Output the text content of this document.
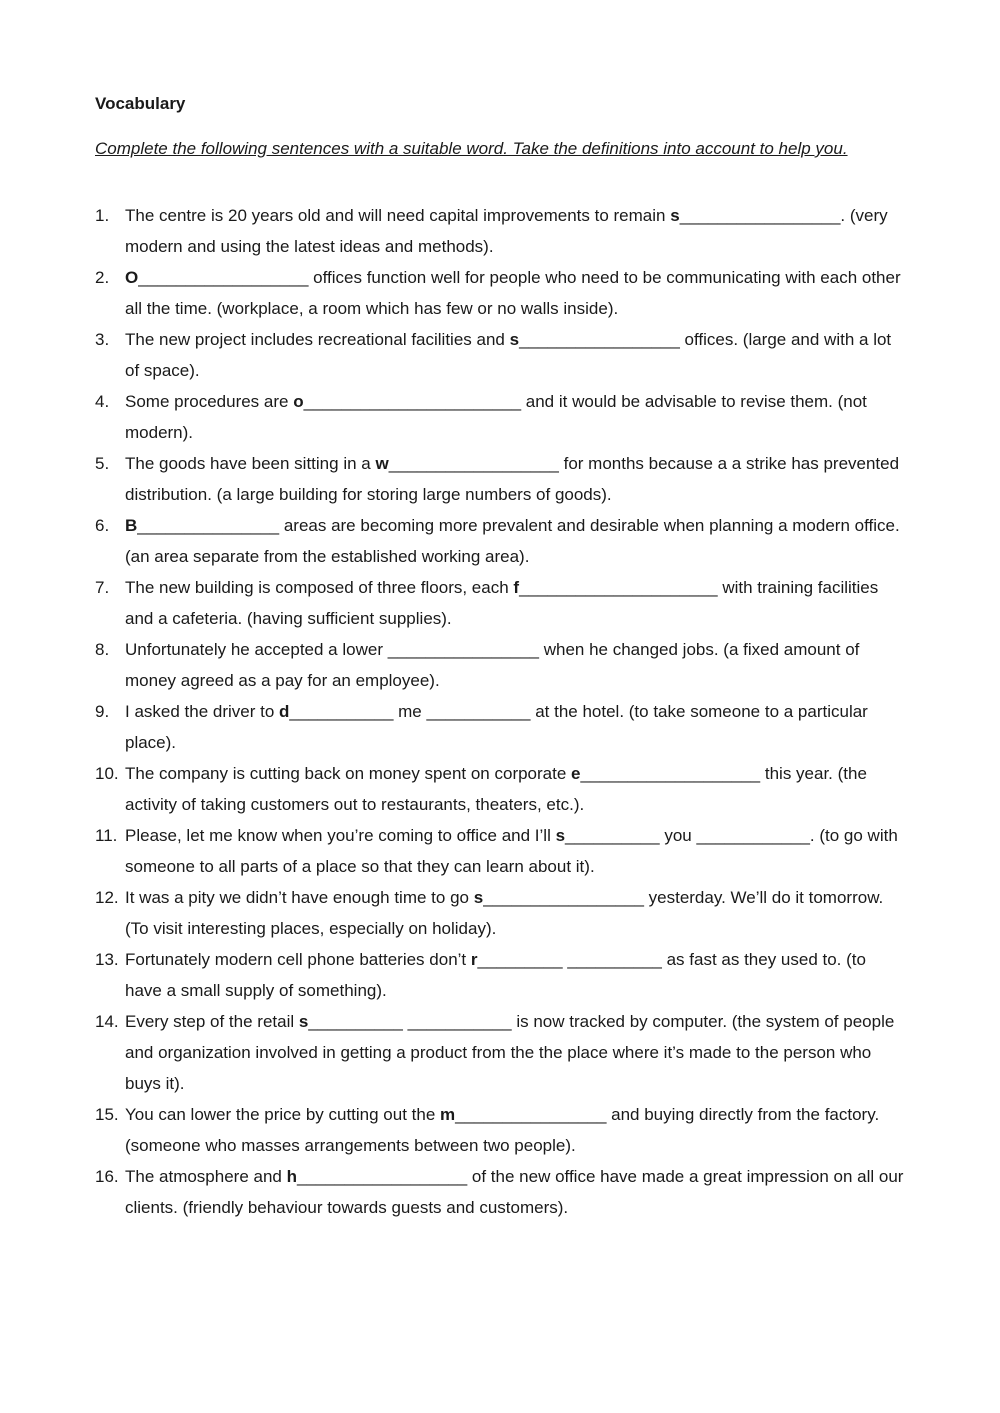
Vocabulary

Complete the following sentences with a suitable word. Take the definitions into account to help you.

1. The centre is 20 years old and will need capital improvements to remain s_________________. (very modern and using the latest ideas and methods).
2. O__________________ offices function well for people who need to be communicating with each other all the time. (workplace, a room which has few or no walls inside).
3. The new project includes recreational facilities and s_________________ offices. (large and with a lot of space).
4. Some procedures are o_______________________ and it would be advisable to revise them. (not modern).
5. The goods have been sitting in a w__________________ for months because a a strike has prevented distribution. (a large building for storing large numbers of goods).
6. B_______________ areas are becoming more prevalent and desirable when planning a modern office. (an area separate from the established working area).
7. The new building is composed of three floors, each f_____________________ with training facilities and a cafeteria. (having sufficient supplies).
8. Unfortunately he accepted a lower ________________ when he changed jobs. (a fixed amount of money agreed as a pay for an employee).
9. I asked the driver to d___________ me ___________ at the hotel. (to take someone to a particular place).
10. The company is cutting back on money spent on corporate e___________________ this year. (the activity of taking customers out to restaurants, theaters, etc.).
11. Please, let me know when you’re coming to office and I’ll s__________ you ____________. (to go with someone to all parts of a place so that they can learn about it).
12. It was a pity we didn’t have enough time to go s_________________ yesterday. We’ll do it tomorrow. (To visit interesting places, especially on holiday).
13. Fortunately modern cell phone batteries don’t r_________ __________ as fast as they used to. (to have a small supply of something).
14. Every step of the retail s__________ ___________ is now tracked by computer. (the system of people and organization involved in getting a product from the the place where it’s made to the person who buys it).
15. You can lower the price by cutting out the m________________ and buying directly from the factory. (someone who masses arrangements between two people).
16. The atmosphere and h__________________ of the new office have made a great impression on all our clients. (friendly behaviour towards guests and customers).
